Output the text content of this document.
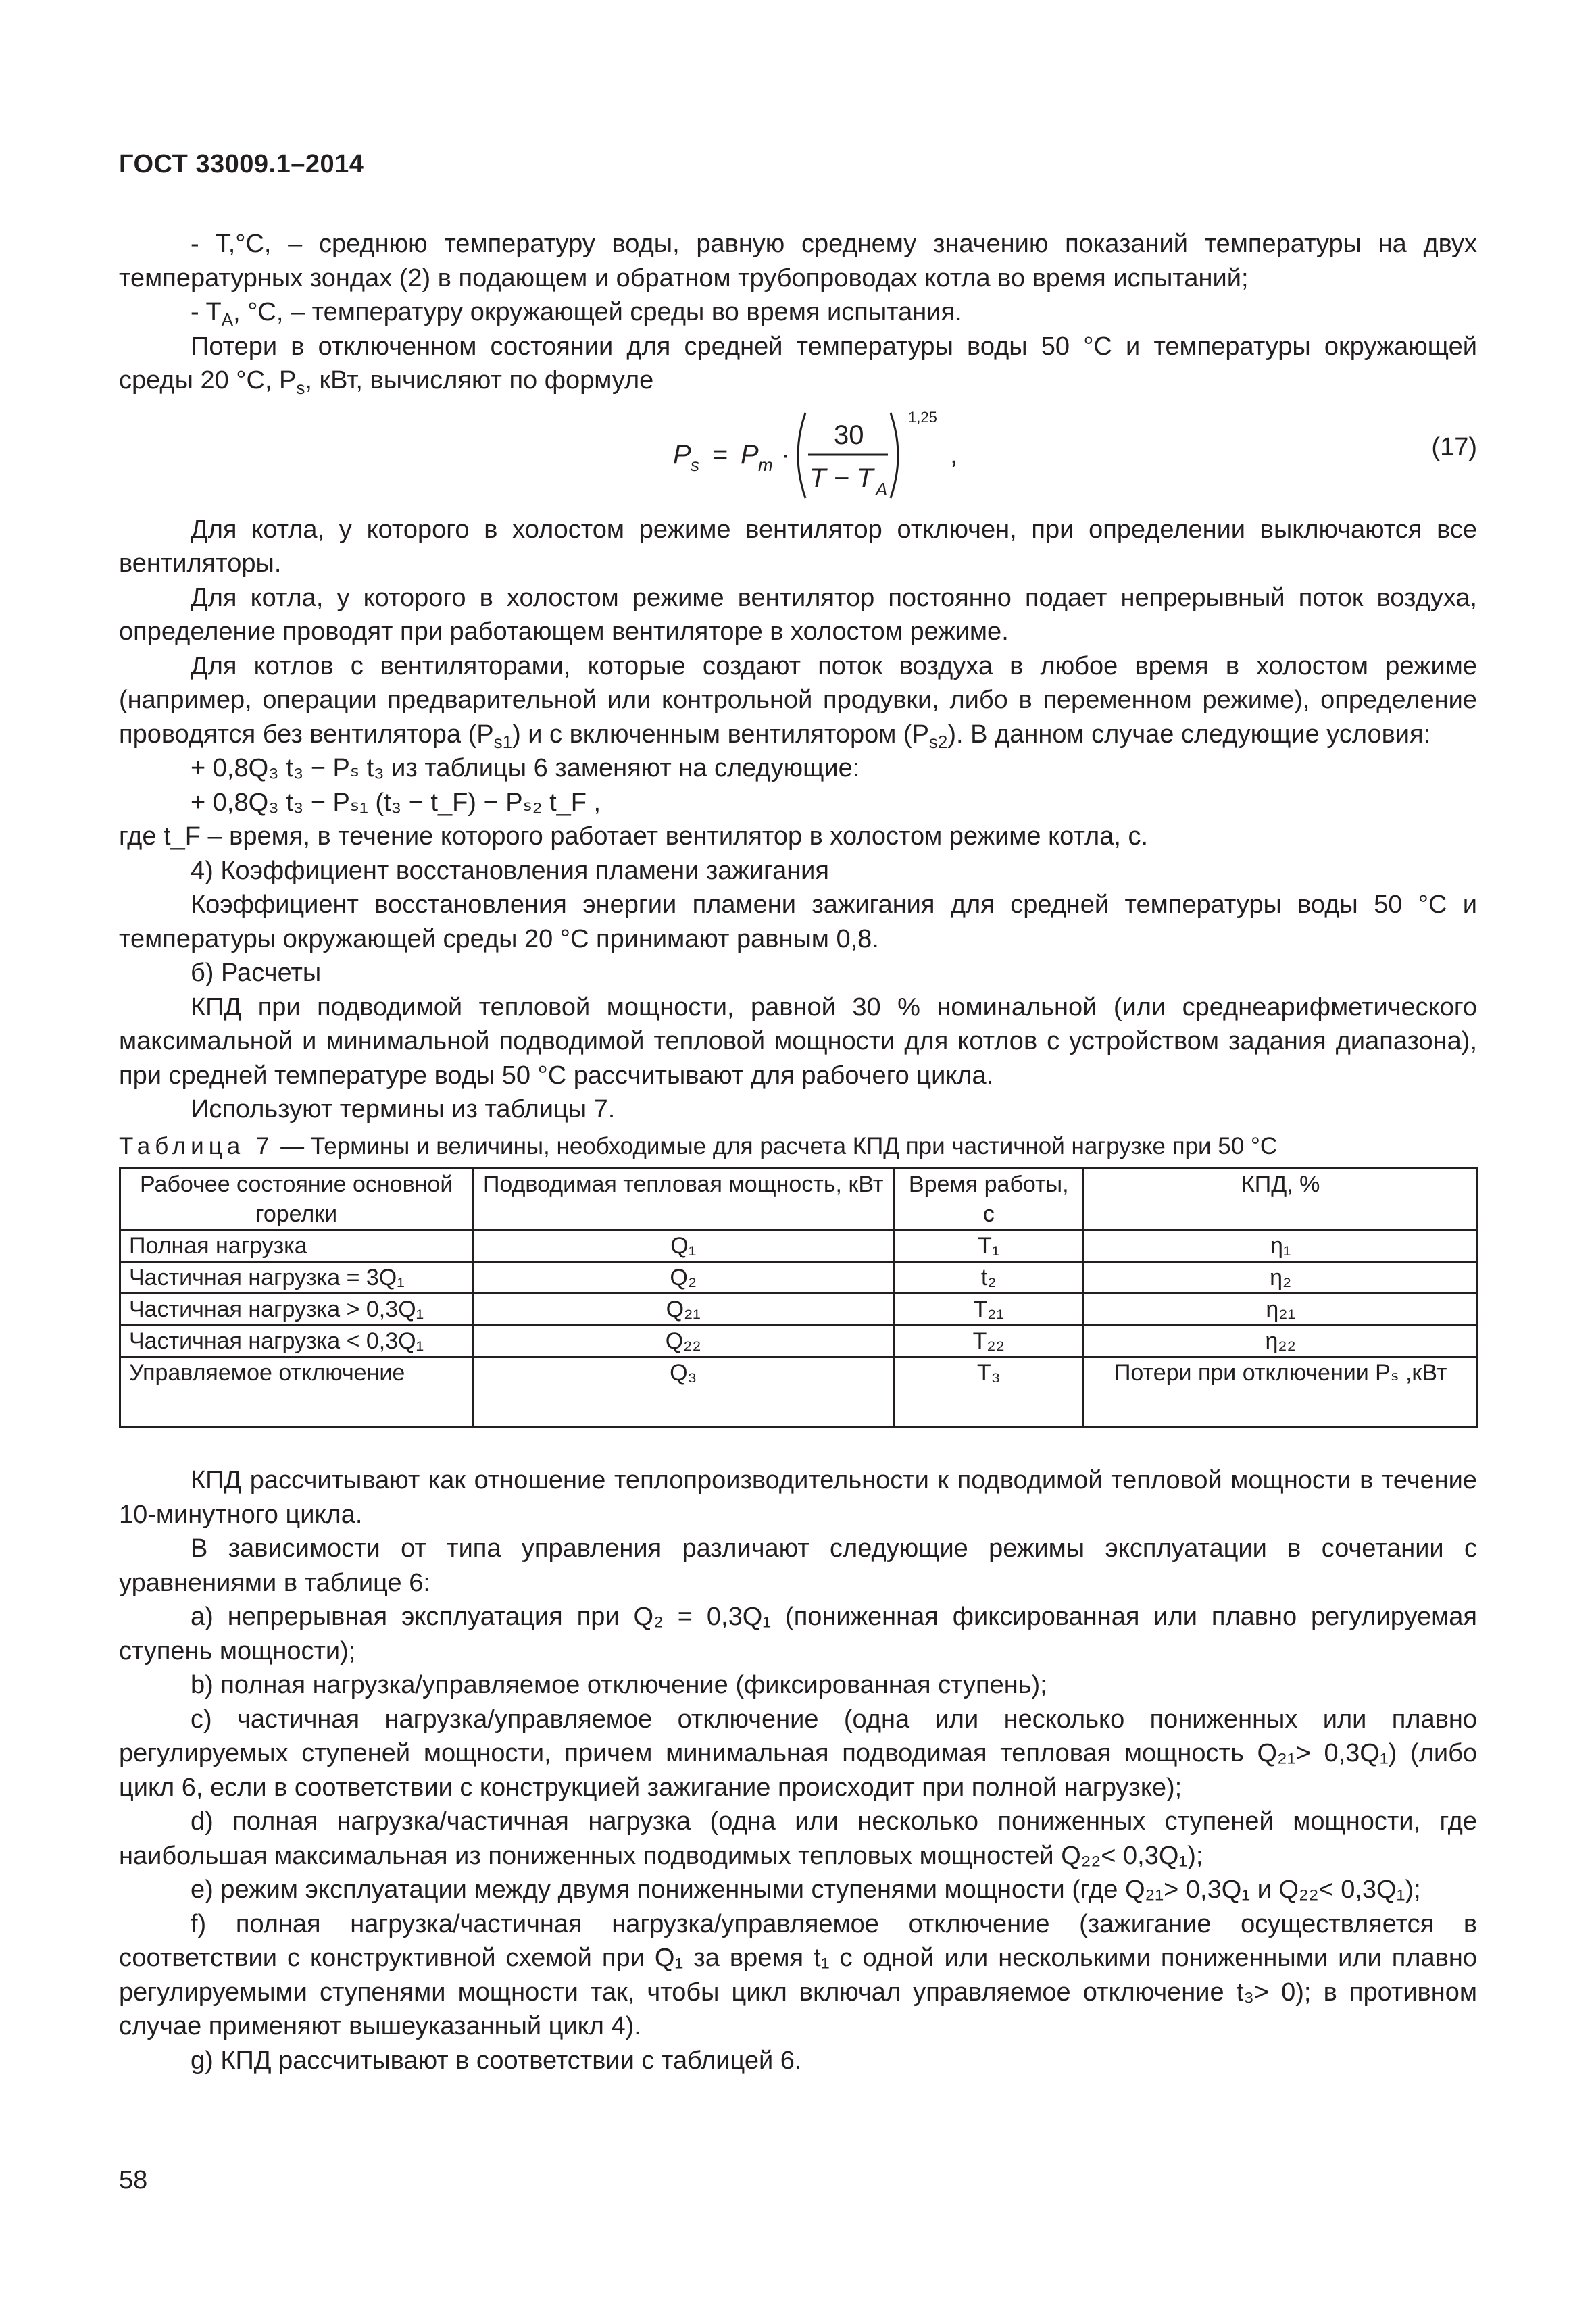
ГОСТ 33009.1–2014

- T,°C, – среднюю температуру воды, равную среднему значению показаний температуры на двух температурных зондах (2) в подающем и обратном трубопроводах котла во время испытаний;

- $T_A$, °C, – температуру окружающей среды во время испытания.

Потери в отключенном состоянии для средней температуры воды 50 °C и температуры окружающей среды 20 °C, $P_s$, кВт, вычисляют по формуле

P s = P m ·
30
T − T A
1,25
,	(17)

Для котла, у которого в холостом режиме вентилятор отключен, при определении выключаются все вентиляторы.

Для котла, у которого в холостом режиме вентилятор постоянно подает непрерывный поток воздуха, определение проводят при работающем вентиляторе в холостом режиме.

Для котлов с вентиляторами, которые создают поток воздуха в любое время в холостом режиме (например, операции предварительной или контрольной продувки, либо в переменном режиме), определение проводятся без вентилятора $(P_{s1})$ и с включенным вентилятором $(P_{s2})$. В данном случае следующие условия:

+ 0,8Q₃ t₃ − Pₛ t₃ из таблицы 6 заменяют на следующие:

+ 0,8Q₃ t₃ − Pₛ₁ (t₃ − t_F) − Pₛ₂ t_F ,

где t_F – время, в течение которого работает вентилятор в холостом режиме котла, с.

4) Коэффициент восстановления пламени зажигания

Коэффициент восстановления энергии пламени зажигания для средней температуры воды 50 °C и температуры окружающей среды 20 °C принимают равным 0,8.

б) Расчеты

КПД при подводимой тепловой мощности, равной 30 % номинальной (или среднеарифметического максимальной и минимальной подводимой тепловой мощности для котлов с устройством задания диапазона), при средней температуре воды 50 °C рассчитывают для рабочего цикла.

Используют термины из таблицы 7.

Таблица 7 — Термины и величины, необходимые для расчета КПД при частичной нагрузке при 50 °C

Рабочее состояние основной горелки	Подводимая тепловая мощность, кВт	Время работы, с	КПД, %
Полная нагрузка	Q₁	T₁	η₁
Частичная нагрузка = 3Q₁	Q₂	t₂	η₂
Частичная нагрузка > 0,3Q₁	Q₂₁	T₂₁	η₂₁
Частичная нагрузка < 0,3Q₁	Q₂₂	T₂₂	η₂₂
Управляемое отключение	Q₃	T₃	Потери при отключении Pₛ ,кВт

КПД рассчитывают как отношение теплопроизводительности к подводимой тепловой мощности в течение 10-минутного цикла.

В зависимости от типа управления различают следующие режимы эксплуатации в сочетании с уравнениями в таблице 6:

а) непрерывная эксплуатация при Q₂ = 0,3Q₁ (пониженная фиксированная или плавно регулируемая ступень мощности);

b) полная нагрузка/управляемое отключение (фиксированная ступень);

с) частичная нагрузка/управляемое отключение (одна или несколько пониженных или плавно регулируемых ступеней мощности, причем минимальная подводимая тепловая мощность Q₂₁> 0,3Q₁) (либо цикл 6, если в соответствии с конструкцией зажигание происходит при полной нагрузке);

d) полная нагрузка/частичная нагрузка (одна или несколько пониженных ступеней мощности, где наибольшая максимальная из пониженных подводимых тепловых мощностей Q₂₂< 0,3Q₁);

е) режим эксплуатации между двумя пониженными ступенями мощности (где Q₂₁> 0,3Q₁ и Q₂₂< 0,3Q₁);

f) полная нагрузка/частичная нагрузка/управляемое отключение (зажигание осуществляется в соответствии с конструктивной схемой при Q₁ за время t₁ с одной или несколькими пониженными или плавно регулируемыми ступенями мощности так, чтобы цикл включал управляемое отключение t₃> 0); в противном случае применяют вышеуказанный цикл 4).

g) КПД рассчитывают в соответствии с таблицей 6.

58
